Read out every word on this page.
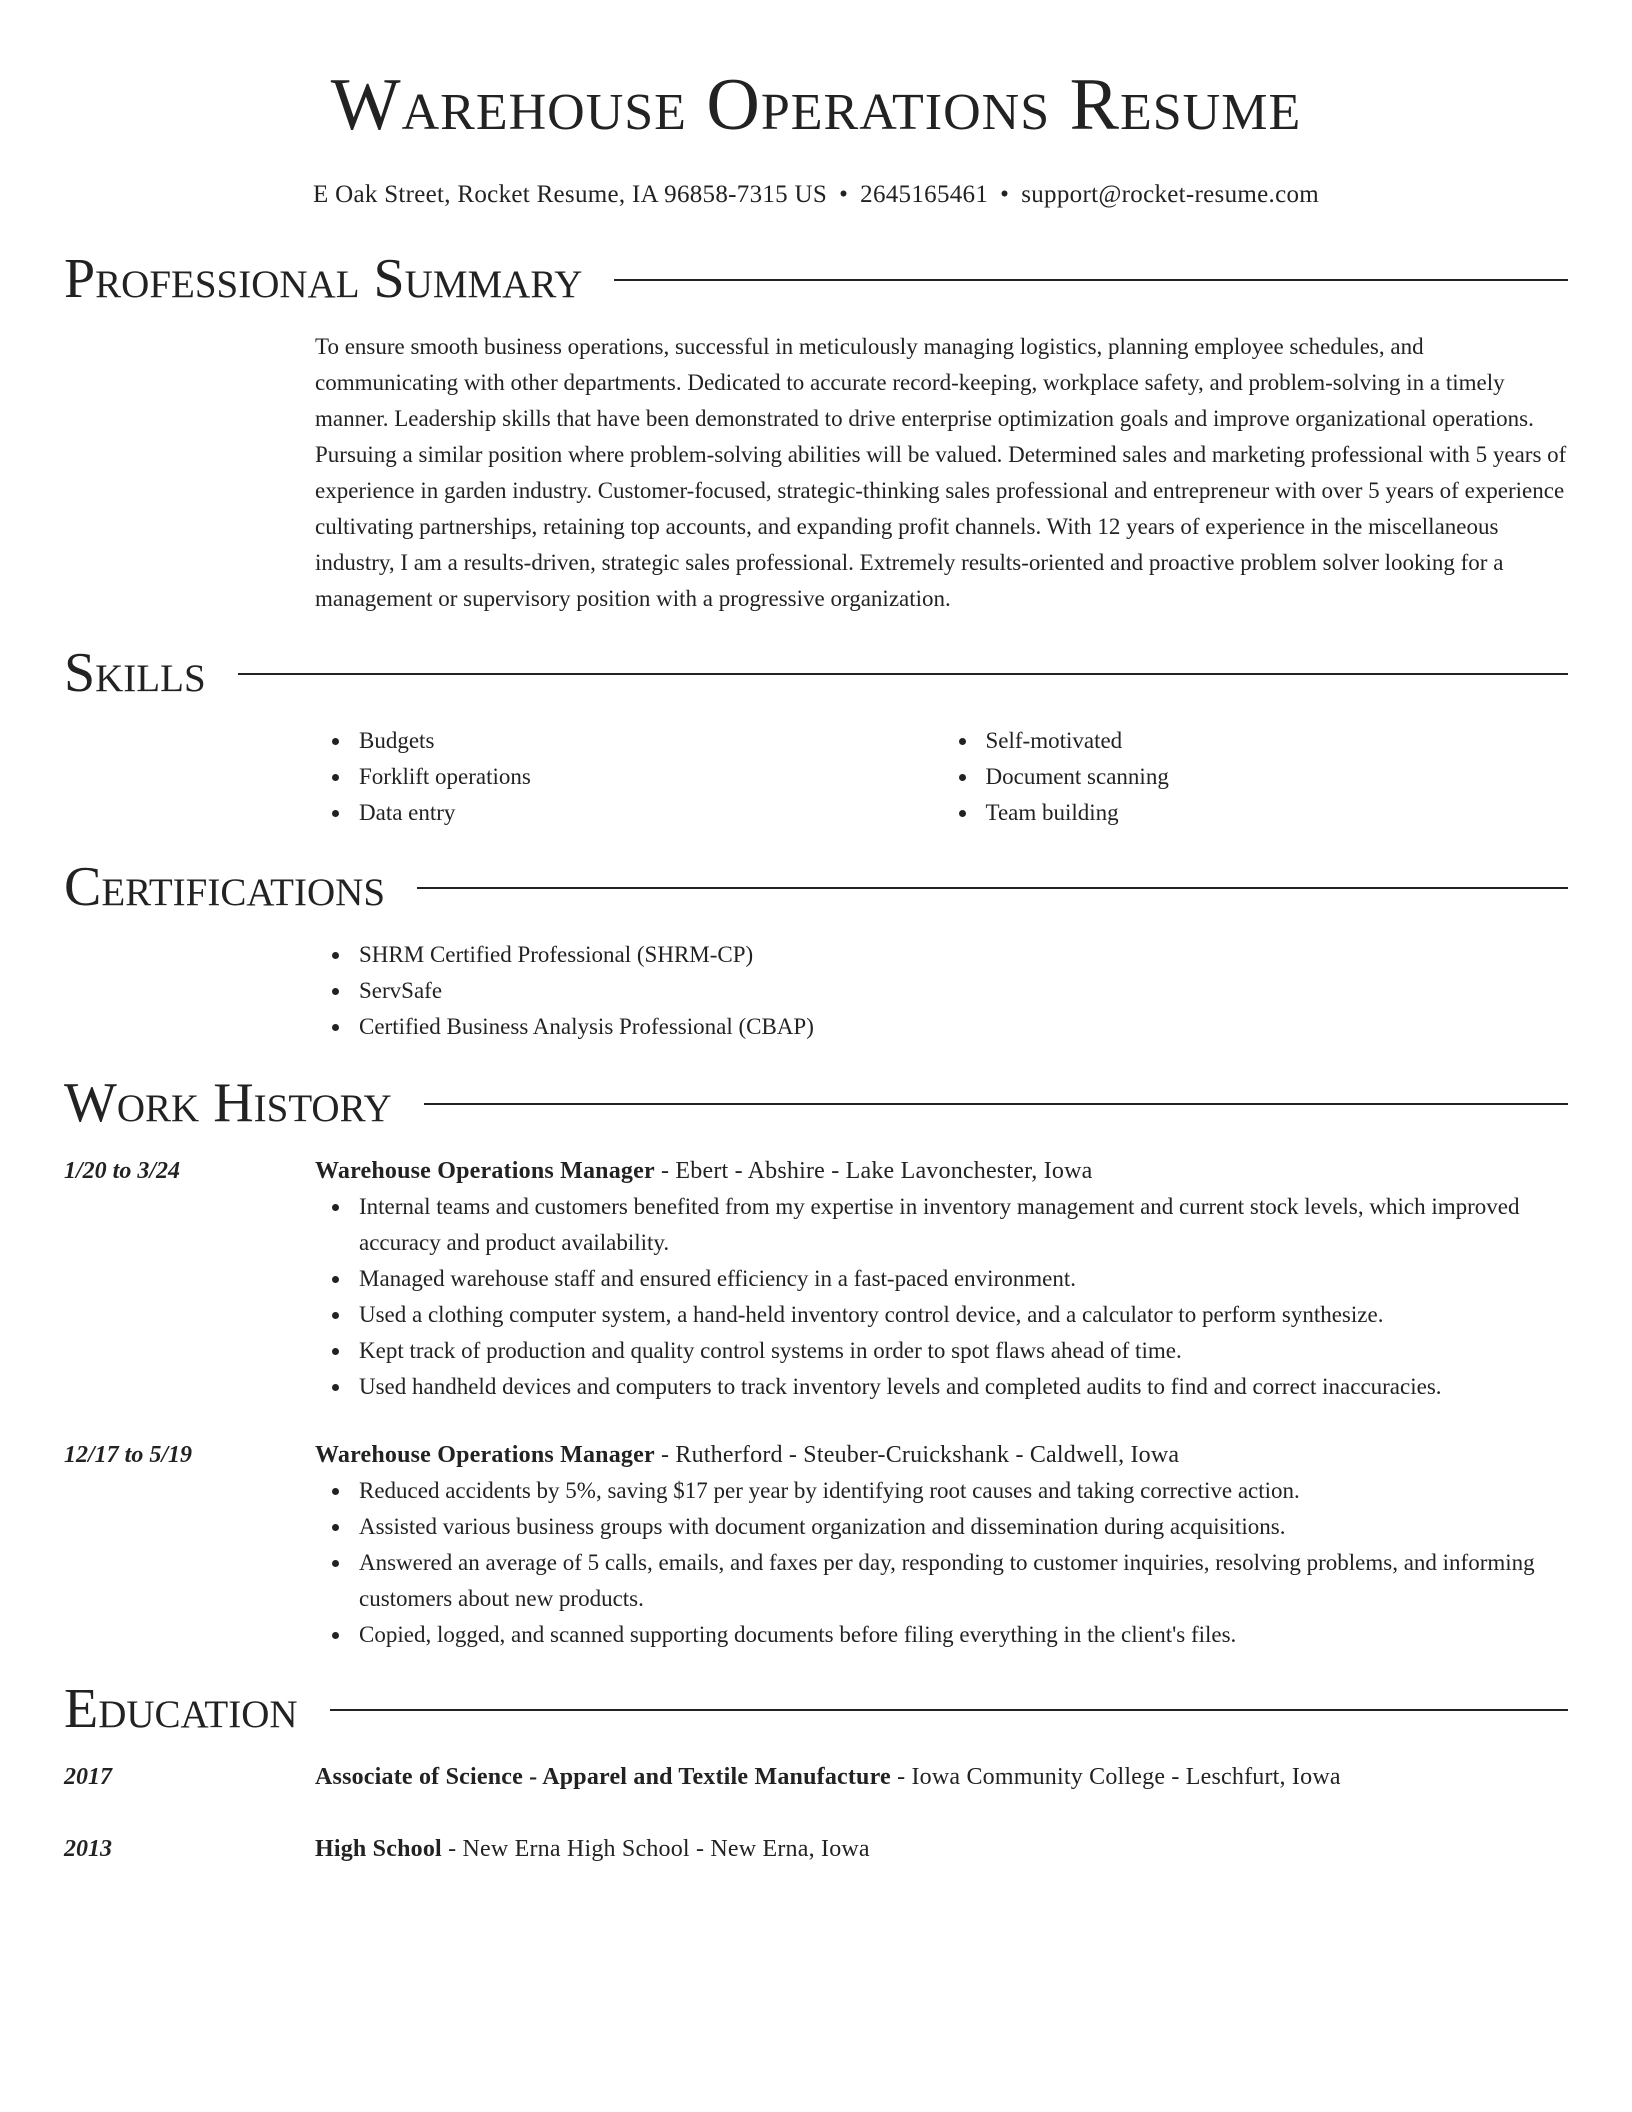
Warehouse Operations Resume
E Oak Street, Rocket Resume, IA 96858-7315 US • 2645165461 • support@rocket-resume.com
Professional Summary

To ensure smooth business operations, successful in meticulously managing logistics, planning employee schedules, and communicating with other departments. Dedicated to accurate record-keeping, workplace safety, and problem-solving in a timely manner. Leadership skills that have been demonstrated to drive enterprise optimization goals and improve organizational operations. Pursuing a similar position where problem-solving abilities will be valued. Determined sales and marketing professional with 5 years of experience in garden industry. Customer-focused, strategic-thinking sales professional and entrepreneur with over 5 years of experience cultivating partnerships, retaining top accounts, and expanding profit channels. With 12 years of experience in the miscellaneous industry, I am a results-driven, strategic sales professional. Extremely results-oriented and proactive problem solver looking for a management or supervisory position with a progressive organization.

Skills
Budgets
Forklift operations
Data entry
Self-motivated
Document scanning
Team building
Certifications
SHRM Certified Professional (SHRM-CP)
ServSafe
Certified Business Analysis Professional (CBAP)
Work History
1/20 to 3/24	Warehouse Operations Manager - Ebert - Abshire - Lake Lavonchester, Iowa
Internal teams and customers benefited from my expertise in inventory management and current stock levels, which improved accuracy and product availability.
Managed warehouse staff and ensured efficiency in a fast-paced environment.
Used a clothing computer system, a hand-held inventory control device, and a calculator to perform synthesize.
Kept track of production and quality control systems in order to spot flaws ahead of time.
Used handheld devices and computers to track inventory levels and completed audits to find and correct inaccuracies.
12/17 to 5/19	Warehouse Operations Manager - Rutherford - Steuber-Cruickshank - Caldwell, Iowa
Reduced accidents by 5%, saving $17 per year by identifying root causes and taking corrective action.
Assisted various business groups with document organization and dissemination during acquisitions.
Answered an average of 5 calls, emails, and faxes per day, responding to customer inquiries, resolving problems, and informing customers about new products.
Copied, logged, and scanned supporting documents before filing everything in the client's files.
Education
2017	Associate of Science - Apparel and Textile Manufacture - Iowa Community College - Leschfurt, Iowa
2013	High School - New Erna High School - New Erna, Iowa
